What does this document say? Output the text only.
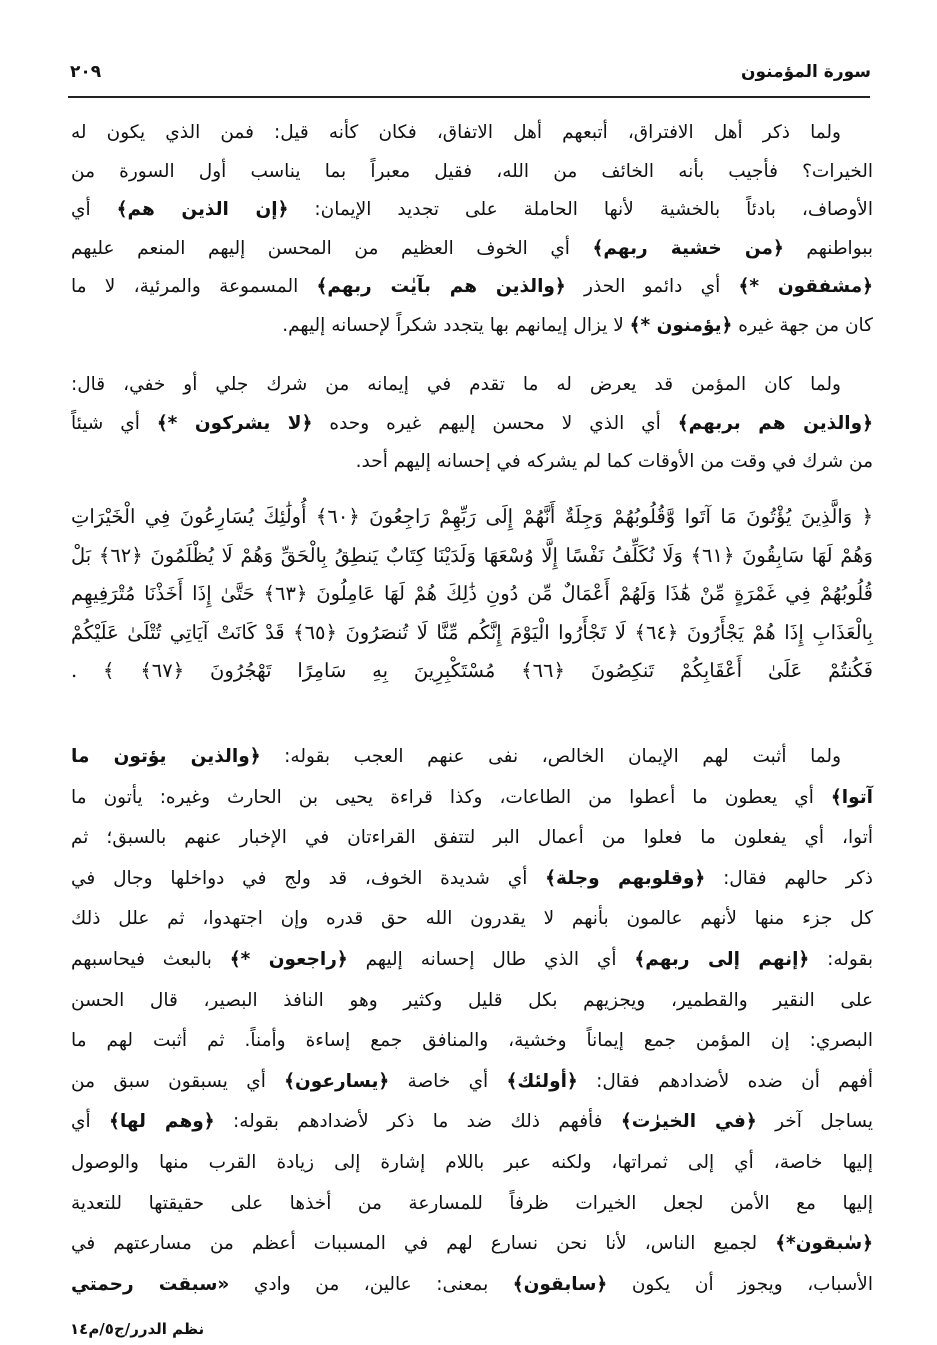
سورة المؤمنون
٢٠٩
ولما ذكر أهل الافتراق، أتبعهم أهل الاتفاق، فكان كأنه قيل: فمن الذي يكون له
الخيرات؟ فأجيب بأنه الخائف من الله، فقيل معبراً بما يناسب أول السورة من
الأوصاف، بادئاً بالخشية لأنها الحاملة على تجديد الإيمان: ﴿إن الذين هم﴾ أي
ببواطنهم ﴿من خشية ربهم﴾ أي الخوف العظيم من المحسن إليهم المنعم عليهم
﴿مشفقون *﴾ أي دائمو الحذر ﴿والذين هم بآيٰت ربهم﴾ المسموعة والمرئية، لا ما
كان من جهة غيره ﴿يؤمنون *﴾ لا يزال إيمانهم بها يتجدد شكراً لإحسانه إليهم.
ولما كان المؤمن قد يعرض له ما تقدم في إيمانه من شرك جلي أو خفي، قال:
﴿والذين هم بربهم﴾ أي الذي لا محسن إليهم غيره وحده ﴿لا يشركون *﴾ أي شيئاً
من شرك في وقت من الأوقات كما لم يشركه في إحسانه إليهم أحد.
﴿ وَالَّذِينَ يُؤْتُونَ مَا آتَوا وَّقُلُوبُهُمْ وَجِلَةٌ أَنَّهُمْ إِلَى رَبِّهِمْ رَاجِعُونَ ﴿٦٠﴾ أُولَٰئِكَ يُسَارِعُونَ فِي الْخَيْرَاتِ
وَهُمْ لَهَا سَابِقُونَ ﴿٦١﴾ وَلَا نُكَلِّفُ نَفْسًا إِلَّا وُسْعَهَا وَلَدَيْنَا كِتَابٌ يَنطِقُ بِالْحَقِّ وَهُمْ لَا يُظْلَمُونَ ﴿٦٢﴾ بَلْ
قُلُوبُهُمْ فِي غَمْرَةٍ مِّنْ هَٰذَا وَلَهُمْ أَعْمَالٌ مِّن دُونِ ذَٰلِكَ هُمْ لَهَا عَامِلُونَ ﴿٦٣﴾ حَتَّىٰ إِذَا أَخَذْنَا مُتْرَفِيهِم
بِالْعَذَابِ إِذَا هُمْ يَجْأَرُونَ ﴿٦٤﴾ لَا تَجْأَرُوا الْيَوْمَ إِنَّكُم مِّنَّا لَا تُنصَرُونَ ﴿٦٥﴾ قَدْ كَانَتْ آيَاتِي تُتْلَىٰ عَلَيْكُمْ
فَكُنتُمْ عَلَىٰ أَعْقَابِكُمْ تَنكِصُونَ ﴿٦٦﴾ مُسْتَكْبِرِينَ بِهِ سَامِرًا تَهْجُرُونَ ﴿٦٧﴾ ﴾ .
ولما أثبت لهم الإيمان الخالص، نفى عنهم العجب بقوله: ﴿والذين يؤتون ما
آتوا﴾ أي يعطون ما أعطوا من الطاعات، وكذا قراءة يحيى بن الحارث وغيره: يأتون ما
أتوا، أي يفعلون ما فعلوا من أعمال البر لتتفق القراءتان في الإخبار عنهم بالسبق؛ ثم
ذكر حالهم فقال: ﴿وقلوبهم وجلة﴾ أي شديدة الخوف، قد ولج في دواخلها وجال في
كل جزء منها لأنهم عالمون بأنهم لا يقدرون الله حق قدره وإن اجتهدوا، ثم علل ذلك
بقوله: ﴿إنهم إلى ربهم﴾ أي الذي طال إحسانه إليهم ﴿راجعون *﴾ بالبعث فيحاسبهم
على النقير والقطمير، ويجزيهم بكل قليل وكثير وهو النافذ البصير، قال الحسن
البصري: إن المؤمن جمع إيماناً وخشية، والمنافق جمع إساءة وأمناً. ثم أثبت لهم ما
أفهم أن ضده لأضدادهم فقال: ﴿أولئك﴾ أي خاصة ﴿يسارعون﴾ أي يسبقون سبق من
يساجل آخر ﴿في الخيرٰت﴾ فأفهم ذلك ضد ما ذكر لأضدادهم بقوله: ﴿وهم لها﴾ أي
إليها خاصة، أي إلى ثمراتها، ولكنه عبر باللام إشارة إلى زيادة القرب منها والوصول
إليها مع الأمن لجعل الخيرات ظرفاً للمسارعة من أخذها على حقيقتها للتعدية
﴿سٰبقون*﴾ لجميع الناس، لأنا نحن نسارع لهم في المسببات أعظم من مسارعتهم في
الأسباب، ويجوز أن يكون ﴿سابقون﴾ بمعنى: عالين، من وادي «سبقت رحمتي
نظم الدرر/ج٥/م١٤
